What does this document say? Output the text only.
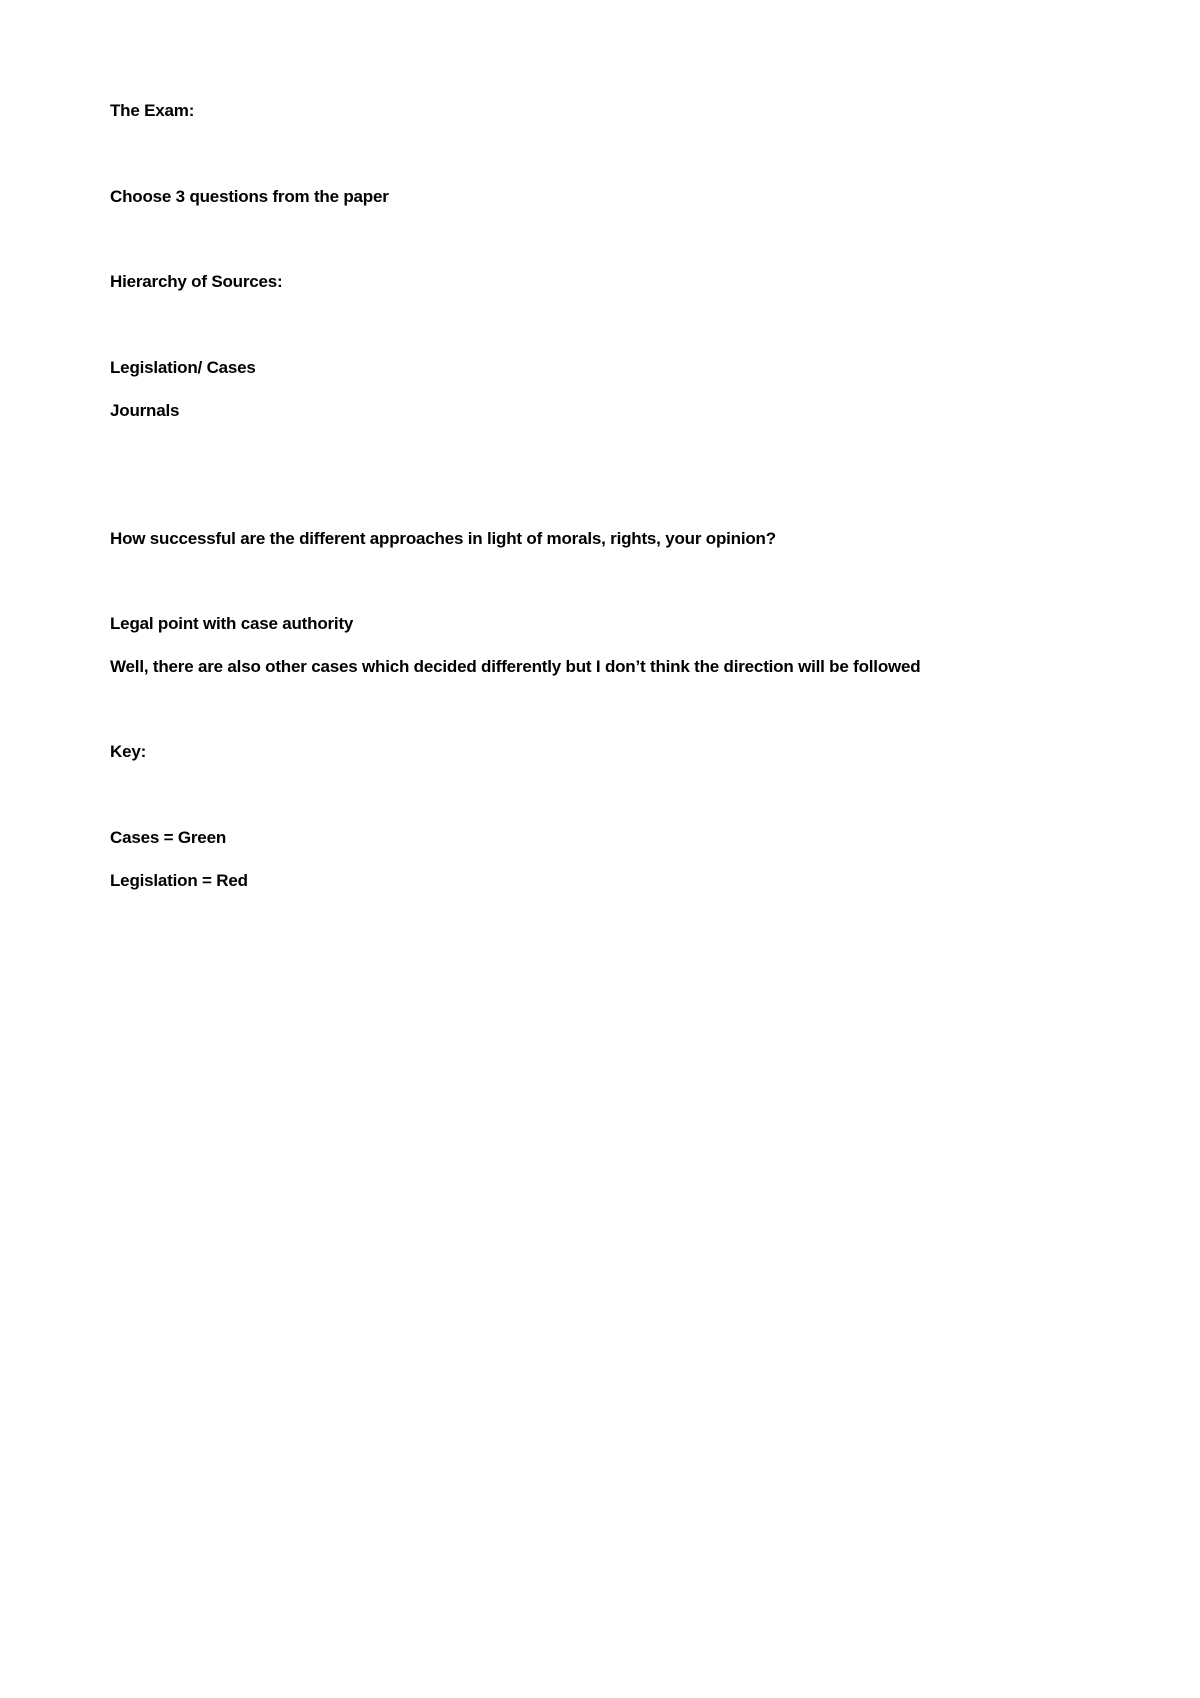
The Exam:

Choose 3 questions from the paper

Hierarchy of Sources:

Legislation/ Cases

Journals

How successful are the different approaches in light of morals, rights, your opinion?

Legal point with case authority

Well, there are also other cases which decided differently but I don’t think the direction will be followed

Key:

Cases = Green

Legislation = Red
